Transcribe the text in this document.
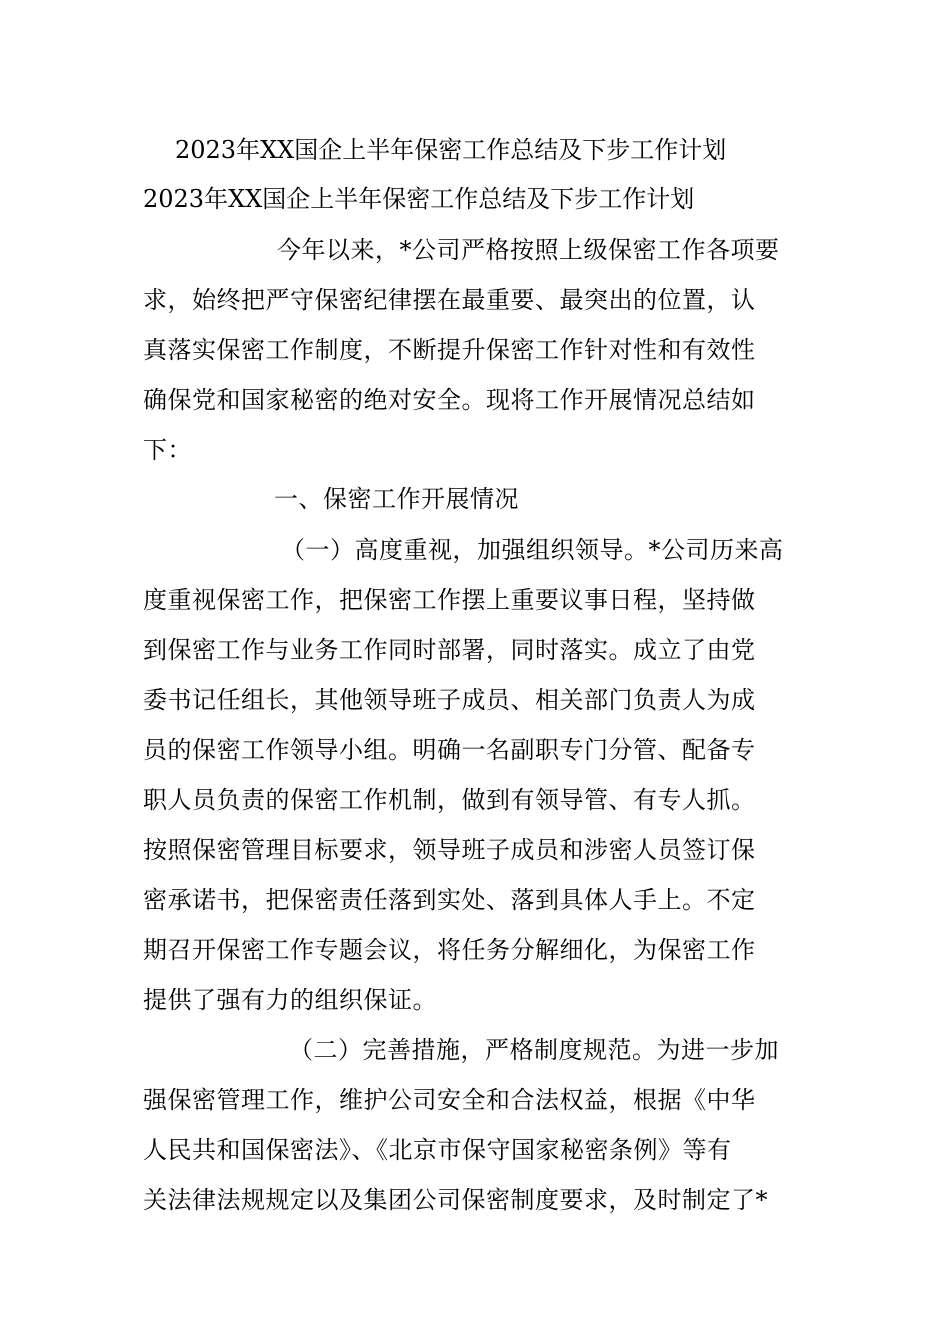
2023年XX国企上半年保密工作总结及下步工作计划
2023年XX国企上半年保密工作总结及下步工作计划
今年以来，*公司严格按照上级保密工作各项要
求，始终把严守保密纪律摆在最重要、最突出的位置，认
真落实保密工作制度，不断提升保密工作针对性和有效性
确保党和国家秘密的绝对安全。现将工作开展情况总结如
下：
一、保密工作开展情况
（一）高度重视，加强组织领导。*公司历来高
度重视保密工作，把保密工作摆上重要议事日程，坚持做
到保密工作与业务工作同时部署，同时落实。成立了由党
委书记任组长，其他领导班子成员、相关部门负责人为成
员的保密工作领导小组。明确一名副职专门分管、配备专
职人员负责的保密工作机制，做到有领导管、有专人抓。
按照保密管理目标要求，领导班子成员和涉密人员签订保
密承诺书，把保密责任落到实处、落到具体人手上。不定
期召开保密工作专题会议，将任务分解细化，为保密工作
提供了强有力的组织保证。
（二）完善措施，严格制度规范。为进一步加
强保密管理工作，维护公司安全和合法权益，根据《中华
人民共和国保密法》、《北京市保守国家秘密条例》等有
关法律法规规定以及集团公司保密制度要求，及时制定了*
